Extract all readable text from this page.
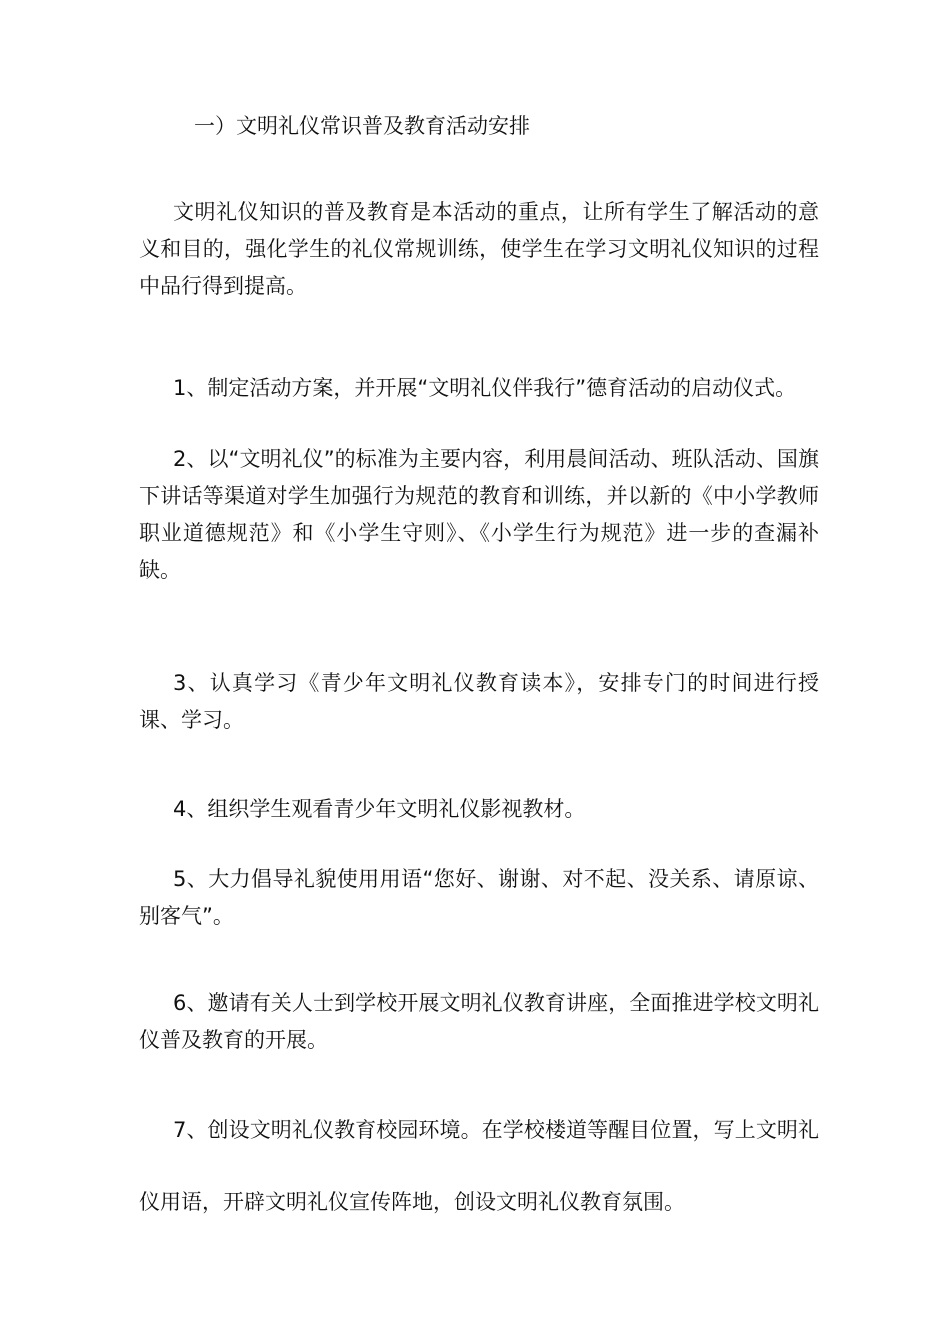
一）文明礼仪常识普及教育活动安排

文明礼仪知识的普及教育是本活动的重点，让所有学生了解活动的意义和目的，强化学生的礼仪常规训练，使学生在学习文明礼仪知识的过程中品行得到提高。

1、制定活动方案，并开展“文明礼仪伴我行”德育活动的启动仪式。

2、以“文明礼仪”的标准为主要内容，利用晨间活动、班队活动、国旗下讲话等渠道对学生加强行为规范的教育和训练，并以新的《中小学教师职业道德规范》和《小学生守则》、《小学生行为规范》进一步的查漏补缺。

3、认真学习《青少年文明礼仪教育读本》，安排专门的时间进行授课、学习。

4、组织学生观看青少年文明礼仪影视教材。

5、大力倡导礼貌使用用语“您好、谢谢、对不起、没关系、请原谅、别客气”。

6、邀请有关人士到学校开展文明礼仪教育讲座，全面推进学校文明礼仪普及教育的开展。

7、创设文明礼仪教育校园环境。在学校楼道等醒目位置，写上文明礼仪用语，开辟文明礼仪宣传阵地，创设文明礼仪教育氛围。
